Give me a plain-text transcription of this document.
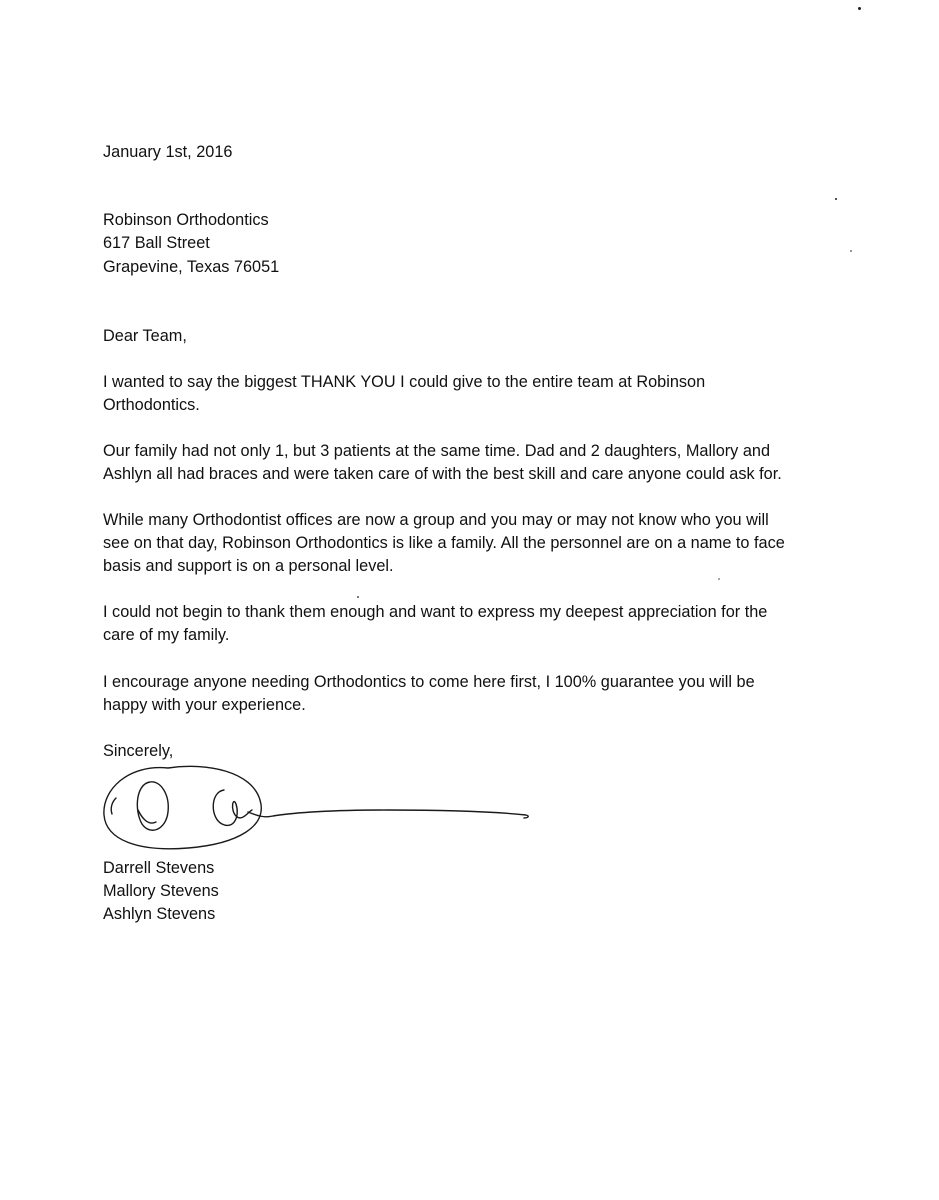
January 1st, 2016
Robinson Orthodontics
617 Ball Street
Grapevine, Texas 76051
Dear Team,
I wanted to say the biggest THANK YOU I could give to the entire team at Robinson
Orthodontics.
Our family had not only 1, but 3 patients at the same time. Dad and 2 daughters, Mallory and
Ashlyn all had braces and were taken care of with the best skill and care anyone could ask for.
While many Orthodontist offices are now a group and you may or may not know who you will
see on that day, Robinson Orthodontics is like a family. All the personnel are on a name to face
basis and support is on a personal level.
I could not begin to thank them enough and want to express my deepest appreciation for the
care of my family.
I encourage anyone needing Orthodontics to come here first, I 100% guarantee you will be
happy with your experience.
Sincerely,
Darrell Stevens
Mallory Stevens
Ashlyn Stevens
